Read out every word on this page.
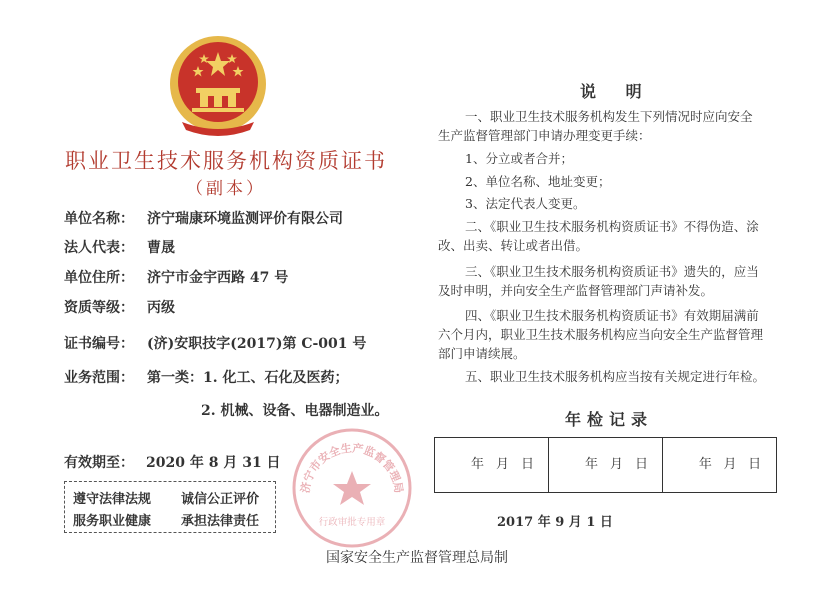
职业卫生技术服务机构资质证书
（副本）
单位名称： 济宁瑞康环境监测评价有限公司
法人代表： 曹晟
单位住所： 济宁市金宇西路 47 号
资质等级： 丙级
证书编号： (济)安职技字(2017)第 C-001 号
业务范围： 第一类：1. 化工、石化及医药；
2. 机械、设备、电器制造业。
有效期至： 2020 年 8 月 31 日
遵守法律法规 诚信公正评价
服务职业健康 承担法律责任
济宁市安全生产监督管理局
行政审批专用章
说 明
一、职业卫生技术服务机构发生下列情况时应向安全
生产监督管理部门申请办理变更手续：
1、分立或者合并；
2、单位名称、地址变更；
3、法定代表人变更。
二、《职业卫生技术服务机构资质证书》不得伪造、涂
改、出卖、转让或者出借。
三、《职业卫生技术服务机构资质证书》遗失的，应当
及时申明，并向安全生产监督管理部门声请补发。
四、《职业卫生技术服务机构资质证书》有效期届满前
六个月内，职业卫生技术服务机构应当向安全生产监督管理
部门申请续展。
五、职业卫生技术服务机构应当按有关规定进行年检。
年检记录
年 月 日	年 月 日	年 月 日
2017 年 9 月 1 日
国家安全生产监督管理总局制
